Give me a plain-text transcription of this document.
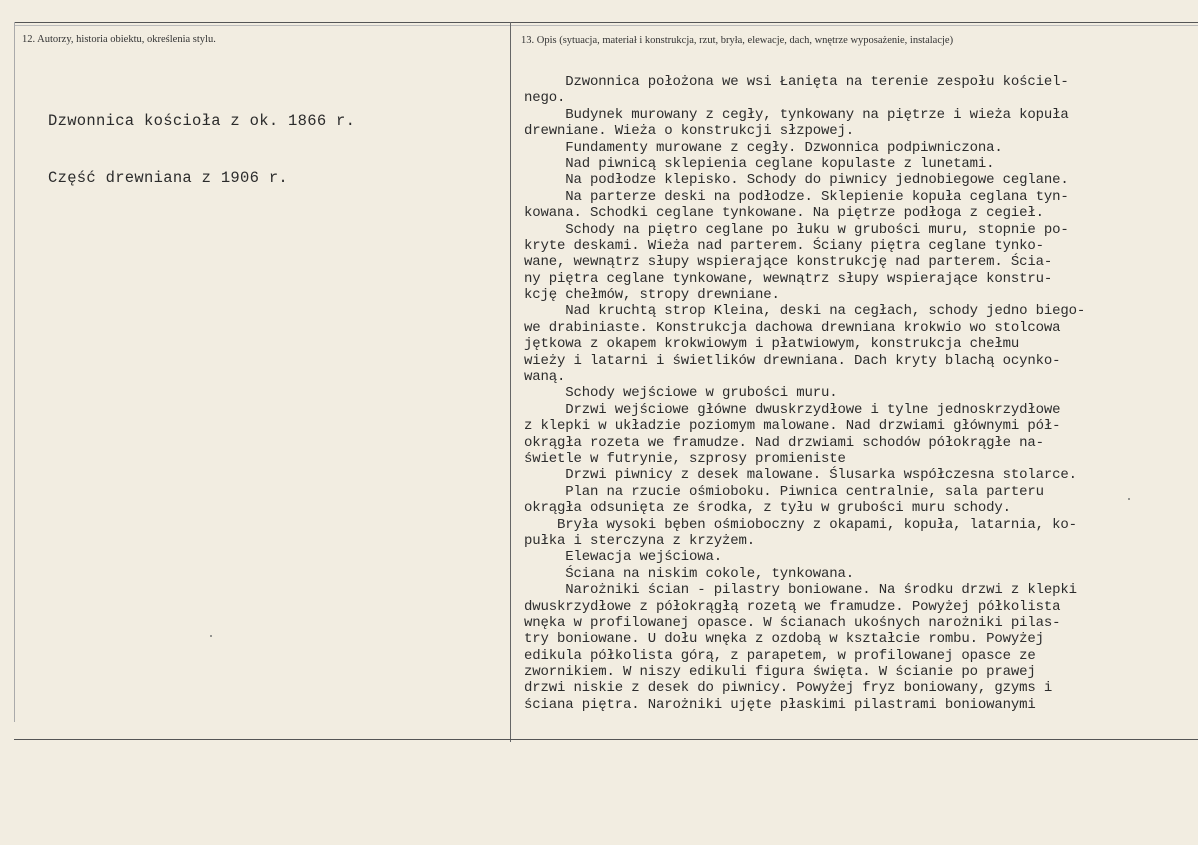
12. Autorzy, historia obiektu, określenia stylu.	13. Opis (sytuacja, materiał i konstrukcja, rzut, bryła, elewacje, dach, wnętrze wyposażenie, instalacje)

Dzwonnica kościoła z ok. 1866 r.

Część drewniana z 1906 r.

Dzwonnica położona we wsi Łanięta na terenie zespołu kościel-
nego.
Budynek murowany z cegły, tynkowany na piętrze i wieża kopuła
drewniane. Wieża o konstrukcji słzpowej.
Fundamenty murowane z cegły. Dzwonnica podpiwniczona.
Nad piwnicą sklepienia ceglane kopulaste z lunetami.
Na podłodze klepisko. Schody do piwnicy jednobiegowe ceglane.
Na parterze deski na podłodze. Sklepienie kopuła ceglana tyn-
kowana. Schodki ceglane tynkowane. Na piętrze podłoga z cegieł.
Schody na piętro ceglane po łuku w grubości muru, stopnie po-
kryte deskami. Wieża nad parterem. Ściany piętra ceglane tynko-
wane, wewnątrz słupy wspierające konstrukcję nad parterem. Ścia-
ny piętra ceglane tynkowane, wewnątrz słupy wspierające konstru-
kcję chełmów, stropy drewniane.
Nad kruchtą strop Kleina, deski na cegłach, schody jedno biego-
we drabiniaste. Konstrukcja dachowa drewniana krokwio wo stolcowa
jętkowa z okapem krokwiowym i płatwiowym, konstrukcja chełmu
wieży i latarni i świetlików drewniana. Dach kryty blachą ocynko-
waną.
Schody wejściowe w grubości muru.
Drzwi wejściowe główne dwuskrzydłowe i tylne jednoskrzydłowe
z klepki w układzie poziomym malowane. Nad drzwiami głównymi pół-
okrągła rozeta we framudze. Nad drzwiami schodów półokrągłe na-
świetle w futrynie, szprosy promieniste
Drzwi piwnicy z desek malowane. Ślusarka współczesna stolarce.
Plan na rzucie ośmioboku. Piwnica centralnie, sala parteru
okrągła odsunięta ze środka, z tyłu w grubości muru schody.
Bryła wysoki bęben ośmioboczny z okapami, kopuła, latarnia, ko-
pułka i sterczyna z krzyżem.
Elewacja wejściowa.
Ściana na niskim cokole, tynkowana.
Narożniki ścian - pilastry boniowane. Na środku drzwi z klepki
dwuskrzydłowe z półokrągłą rozetą we framudze. Powyżej półkolista
wnęka w profilowanej opasce. W ścianach ukośnych narożniki pilas-
try boniowane. U dołu wnęka z ozdobą w kształcie rombu. Powyżej
edikula półkolista górą, z parapetem, w profilowanej opasce ze
zwornikiem. W niszy edikuli figura święta. W ścianie po prawej
drzwi niskie z desek do piwnicy. Powyżej fryz boniowany, gzyms i
ściana piętra. Narożniki ujęte płaskimi pilastrami boniowanymi
